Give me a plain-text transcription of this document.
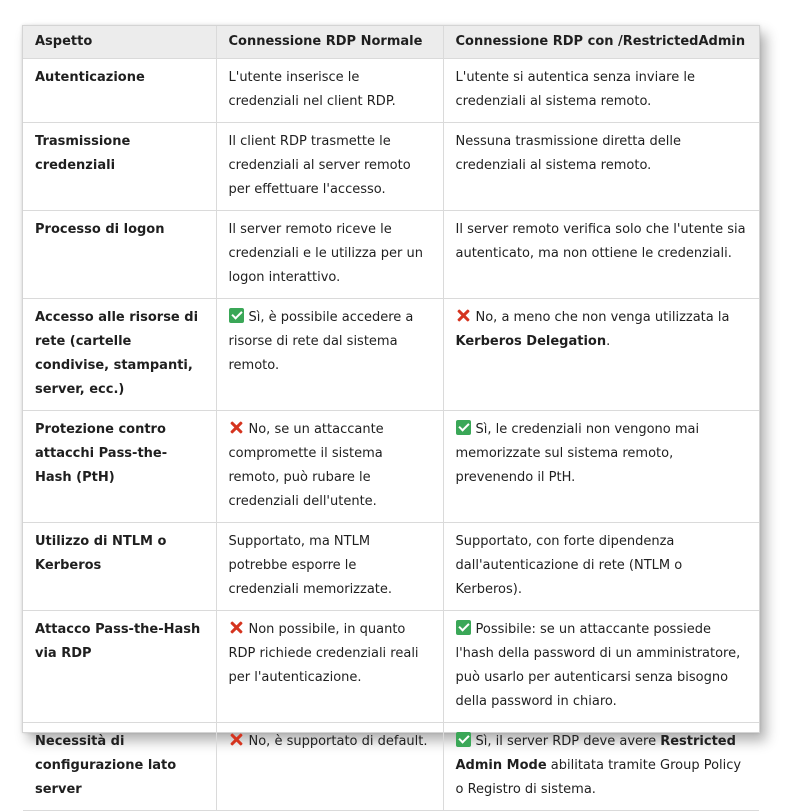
Aspetto	Connessione RDP Normale	Connessione RDP con /RestrictedAdmin
Autenticazione	L'utente inserisce le credenziali nel client RDP.	L'utente si autentica senza inviare le credenziali al sistema remoto.
Trasmissione credenziali	Il client RDP trasmette le credenziali al server remoto per effettuare l'accesso.	Nessuna trasmissione diretta delle credenziali al sistema remoto.
Processo di logon	Il server remoto riceve le credenziali e le utilizza per un logon interattivo.	Il server remoto verifica solo che l'utente sia autenticato, ma non ottiene le credenziali.
Accesso alle risorse di rete (cartelle condivise, stampanti, server, ecc.)	Sì, è possibile accedere a risorse di rete dal sistema remoto.	No, a meno che non venga utilizzata la Kerberos Delegation.
Protezione contro attacchi Pass-the-Hash (PtH)	No, se un attaccante compromette il sistema remoto, può rubare le credenziali dell'utente.	Sì, le credenziali non vengono mai memorizzate sul sistema remoto, prevenendo il PtH.
Utilizzo di NTLM o Kerberos	Supportato, ma NTLM potrebbe esporre le credenziali memorizzate.	Supportato, con forte dipendenza dall'autenticazione di rete (NTLM o Kerberos).
Attacco Pass-the-Hash via RDP	Non possibile, in quanto RDP richiede credenziali reali per l'autenticazione.	Possibile: se un attaccante possiede l'hash della password di un amministratore, può usarlo per autenticarsi senza bisogno della password in chiaro.
Necessità di configurazione lato server	No, è supportato di default.	Sì, il server RDP deve avere Restricted Admin Mode abilitata tramite Group Policy o Registro di sistema.
